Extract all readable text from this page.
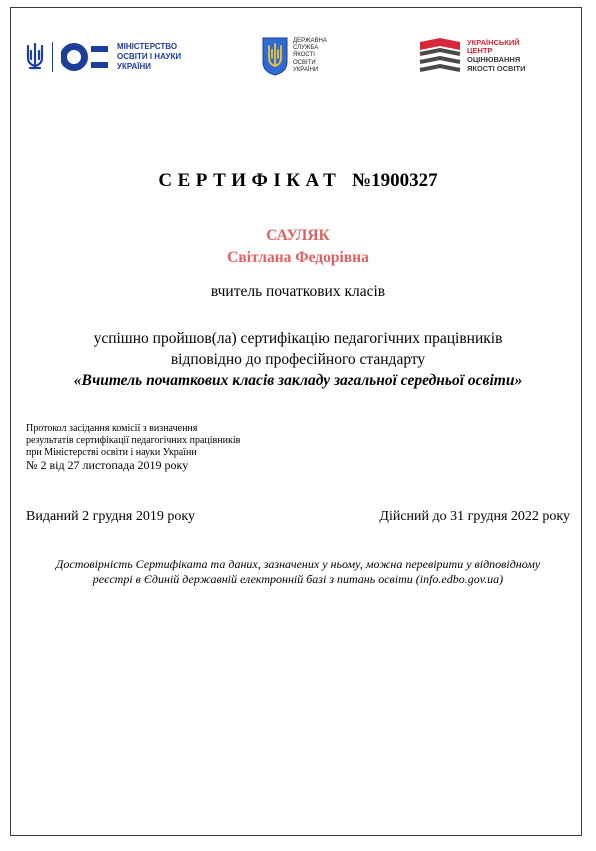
МІНІСТЕРСТВО
ОСВІТИ І НАУКИ
УКРАЇНИ
ДЕРЖАВНА
СЛУЖБА
ЯКОСТІ
ОСВІТИ
УКРАЇНИ
УКРАЇНСЬКИЙ
ЦЕНТР
ОЦІНЮВАННЯ
ЯКОСТІ ОСВІТИ
СЕРТИФІКАТ №1900327
САУЛЯК
Світлана Федорівна
вчитель початкових класів
успішно пройшов(ла) сертифікацію педагогічних працівників
відповідно до професійного стандарту
«Вчитель початкових класів закладу загальної середньої освіти»
Протокол засідання комісії з визначення
результатів сертифікації педагогічних працівників
при Міністерстві освіти і науки України
№ 2 від 27 листопада 2019 року
Виданий 2 грудня 2019 року	Дійсний до 31 грудня 2022 року
Достовірність Сертифіката та даних, зазначених у ньому, можна перевірити у відповідному
реєстрі в Єдиній державній електронній базі з питань освіти (info.edbo.gov.ua)
